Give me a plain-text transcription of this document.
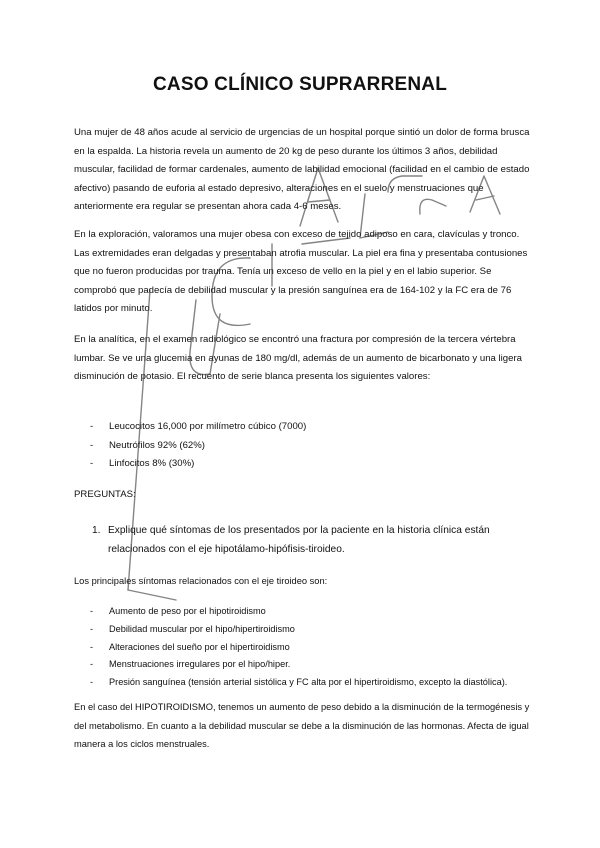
CASO CLÍNICO SUPRARRENAL

Una mujer de 48 años acude al servicio de urgencias de un hospital porque sintió un dolor de forma brusca en la espalda. La historia revela un aumento de 20 kg de peso durante los últimos 3 años, debilidad muscular, facilidad de formar cardenales, aumento de labilidad emocional (facilidad en el cambio de estado afectivo) pasando de euforia al estado depresivo, alteraciones en el suelo y menstruaciones que anteriormente era regular se presentan ahora cada 4-6 meses.

En la exploración, valoramos una mujer obesa con exceso de tejido adiposo en cara, clavículas y tronco. Las extremidades eran delgadas y presentaban atrofia muscular. La piel era fina y presentaba contusiones que no fueron producidas por trauma. Tenía un exceso de vello en la piel y en el labio superior. Se comprobó que padecía de debilidad muscular y la presión sanguínea era de 164-102 y la FC era de 76 latidos por minuto.

En la analítica, en el examen radiológico se encontró una fractura por compresión de la tercera vértebra lumbar. Se ve una glucemia en ayunas de 180 mg/dl, además de un aumento de bicarbonato y una ligera disminución de potasio. El recuento de serie blanca presenta los siguientes valores:

- Leucocitos 16,000 por milímetro cúbico (7000)
- Neutrófilos 92% (62%)
- Linfocitos 8% (30%)

PREGUNTAS:

1. Explique qué síntomas de los presentados por la paciente en la historia clínica están relacionados con el eje hipotálamo-hipófisis-tiroideo.

Los principales síntomas relacionados con el eje tiroideo son:

- Aumento de peso por el hipotiroidismo
- Debilidad muscular por el hipo/hipertiroidismo
- Alteraciones del sueño por el hipertiroidismo
- Menstruaciones irregulares por el hipo/hiper.
- Presión sanguínea (tensión arterial sistólica y FC alta por el hipertiroidismo, excepto la diastólica).

En el caso del HIPOTIROIDISMO, tenemos un aumento de peso debido a la disminución de la termogénesis y del metabolismo. En cuanto a la debilidad muscular se debe a la disminución de las hormonas. Afecta de igual manera a los ciclos menstruales.
